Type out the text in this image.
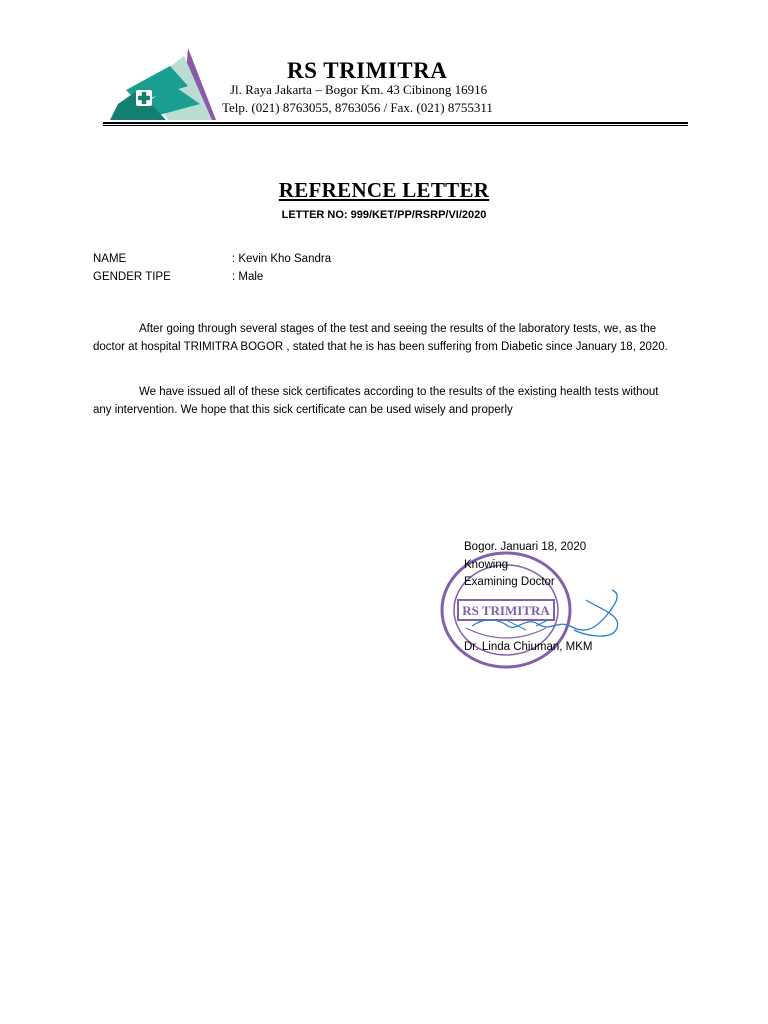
RS TRIMITRA
Jl. Raya Jakarta – Bogor Km. 43 Cibinong 16916
Telp. (021) 8763055, 8763056 / Fax. (021) 8755311
REFRENCE LETTER
LETTER NO: 999/KET/PP/RSRP/VI/2020
NAME	: Kevin Kho Sandra
GENDER TIPE	: Male

After going through several stages of the test and seeing the results of the laboratory tests, we, as the doctor at hospital TRIMITRA BOGOR , stated that he is has been suffering from Diabetic since January 18, 2020.

We have issued all of these sick certificates according to the results of the existing health tests without any intervention. We hope that this sick certificate can be used wisely and properly

RS TRIMITRA
Bogor. Januari 18, 2020
Knowing
Examining Doctor
Dr. Linda Chiuman, MKM
